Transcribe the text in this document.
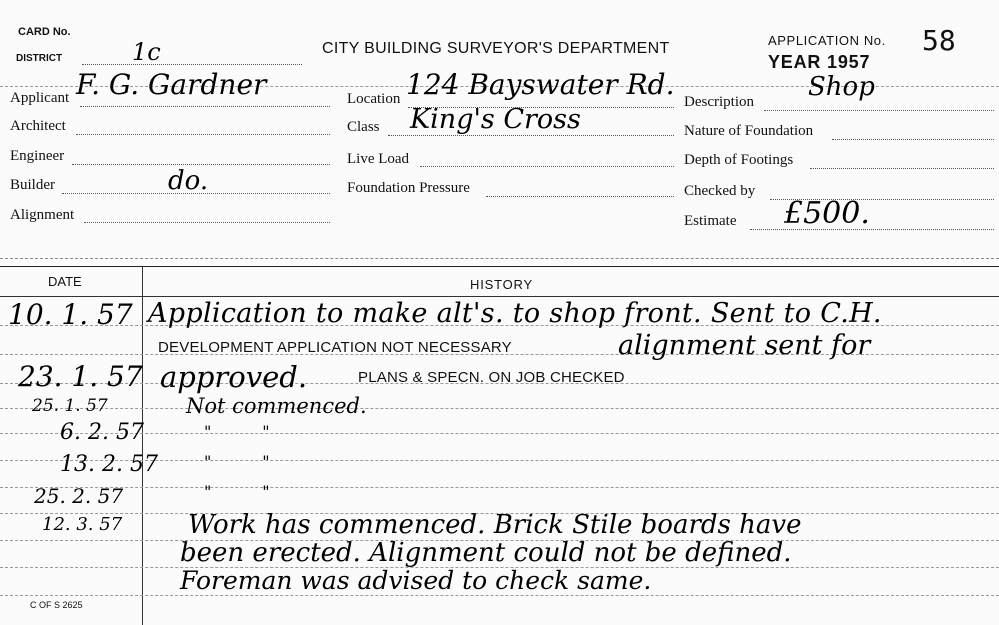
CARD No.
DISTRICT	1c	CITY BUILDING SURVEYOR'S DEPARTMENT	APPLICATION No. 58
YEAR 1957
Applicant F. G. Gardner
Architect
Engineer
Builder	do.
Alignment
Location 124 Bayswater Rd.
Class King's Cross
Live Load
Foundation Pressure
Description Shop
Nature of Foundation
Depth of Footings
Checked by
Estimate £500.
DATE	HISTORY
10. 1. 57 Application to make alt's. to shop front. Sent to C.H.
DEVELOPMENT APPLICATION NOT NECESSARY	alignment sent for
23. 1. 57 approved.	PLANS & SPECN. ON JOB CHECKED
25. 1. 57	Not commenced.
6. 2. 57	"          "
13. 2. 57	"          "
25. 2. 57	"          "
12. 3. 57	Work has commenced. Brick Stile boards have
been erected. Alignment could not be defined.
Foreman was advised to check same.
C OF S 2625
